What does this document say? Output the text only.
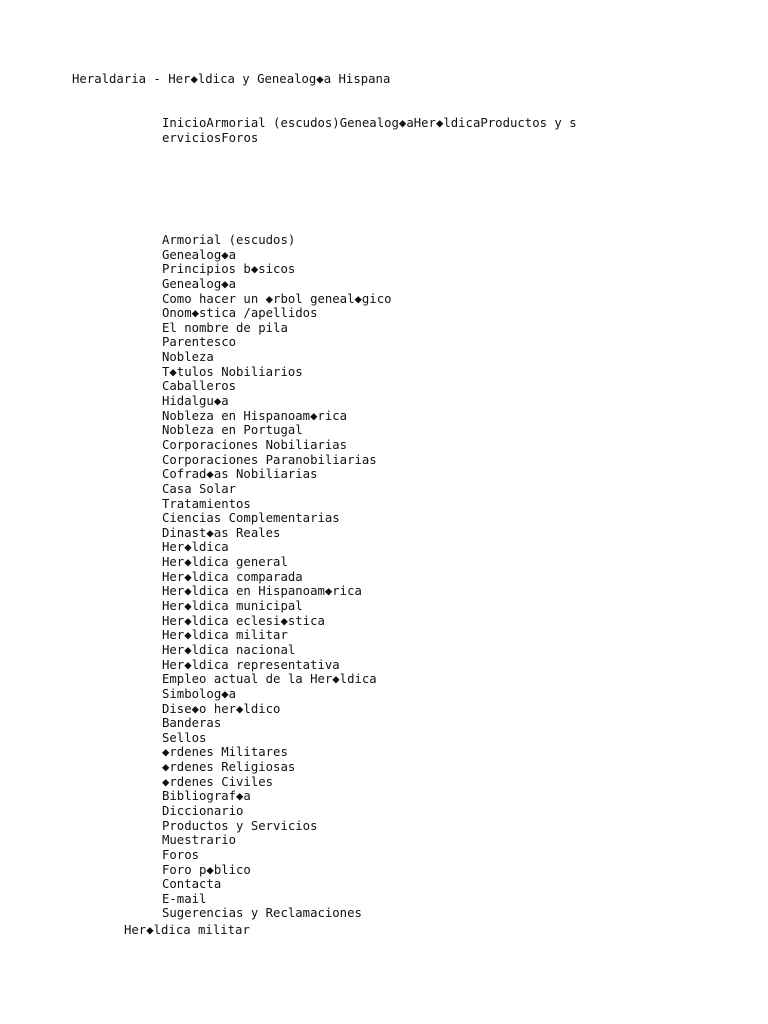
Heraldaria - Her◆ldica y Genealog◆a Hispana
InicioArmorial (escudos)Genealog◆aHer◆ldicaProductos y serviciosForos
Armorial (escudos)
Genealog◆a
Principios b◆sicos
Genealog◆a
Como hacer un ◆rbol geneal◆gico
Onom◆stica /apellidos
El nombre de pila
Parentesco
Nobleza
T◆tulos Nobiliarios
Caballeros
Hidalgu◆a
Nobleza en Hispanoam◆rica
Nobleza en Portugal
Corporaciones Nobiliarias
Corporaciones Paranobiliarias
Cofrad◆as Nobiliarias
Casa Solar
Tratamientos
Ciencias Complementarias
Dinast◆as Reales
Her◆ldica
Her◆ldica general
Her◆ldica comparada
Her◆ldica en Hispanoam◆rica
Her◆ldica municipal
Her◆ldica eclesi◆stica
Her◆ldica militar
Her◆ldica nacional
Her◆ldica representativa
Empleo actual de la Her◆ldica
Simbolog◆a
Dise◆o her◆ldico
Banderas
Sellos
◆rdenes Militares
◆rdenes Religiosas
◆rdenes Civiles
Bibliograf◆a
Diccionario
Productos y Servicios
Muestrario
Foros
Foro p◆blico
Contacta
E-mail
Sugerencias y Reclamaciones
Her◆ldica militar
